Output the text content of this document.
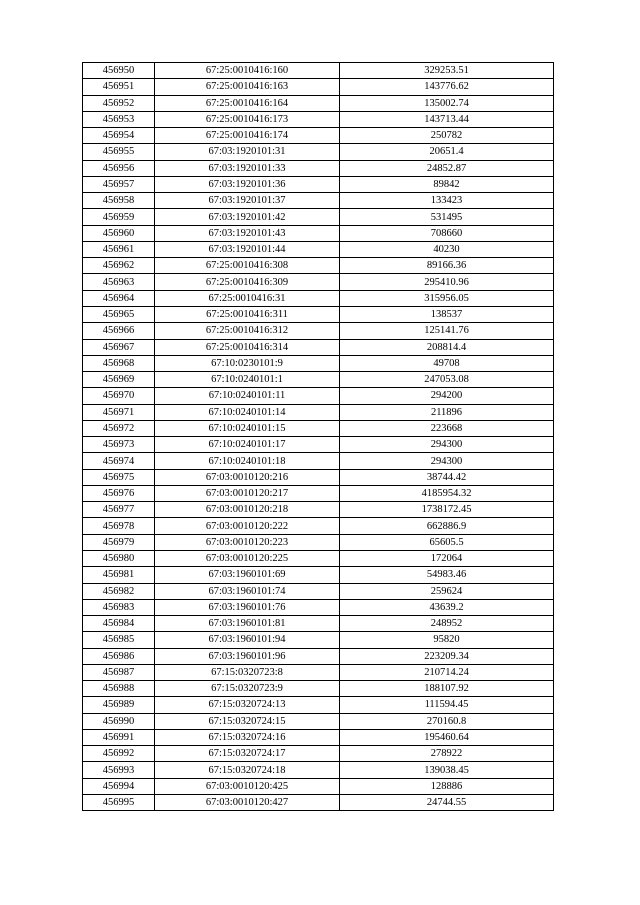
456950	67:25:0010416:160	329253.51
456951	67:25:0010416:163	143776.62
456952	67:25:0010416:164	135002.74
456953	67:25:0010416:173	143713.44
456954	67:25:0010416:174	250782
456955	67:03:1920101:31	20651.4
456956	67:03:1920101:33	24852.87
456957	67:03:1920101:36	89842
456958	67:03:1920101:37	133423
456959	67:03:1920101:42	531495
456960	67:03:1920101:43	708660
456961	67:03:1920101:44	40230
456962	67:25:0010416:308	89166.36
456963	67:25:0010416:309	295410.96
456964	67:25:0010416:31	315956.05
456965	67:25:0010416:311	138537
456966	67:25:0010416:312	125141.76
456967	67:25:0010416:314	208814.4
456968	67:10:0230101:9	49708
456969	67:10:0240101:1	247053.08
456970	67:10:0240101:11	294200
456971	67:10:0240101:14	211896
456972	67:10:0240101:15	223668
456973	67:10:0240101:17	294300
456974	67:10:0240101:18	294300
456975	67:03:0010120:216	38744.42
456976	67:03:0010120:217	4185954.32
456977	67:03:0010120:218	1738172.45
456978	67:03:0010120:222	662886.9
456979	67:03:0010120:223	65605.5
456980	67:03:0010120:225	172064
456981	67:03:1960101:69	54983.46
456982	67:03:1960101:74	259624
456983	67:03:1960101:76	43639.2
456984	67:03:1960101:81	248952
456985	67:03:1960101:94	95820
456986	67:03:1960101:96	223209.34
456987	67:15:0320723:8	210714.24
456988	67:15:0320723:9	188107.92
456989	67:15:0320724:13	111594.45
456990	67:15:0320724:15	270160.8
456991	67:15:0320724:16	195460.64
456992	67:15:0320724:17	278922
456993	67:15:0320724:18	139038.45
456994	67:03:0010120:425	128886
456995	67:03:0010120:427	24744.55
